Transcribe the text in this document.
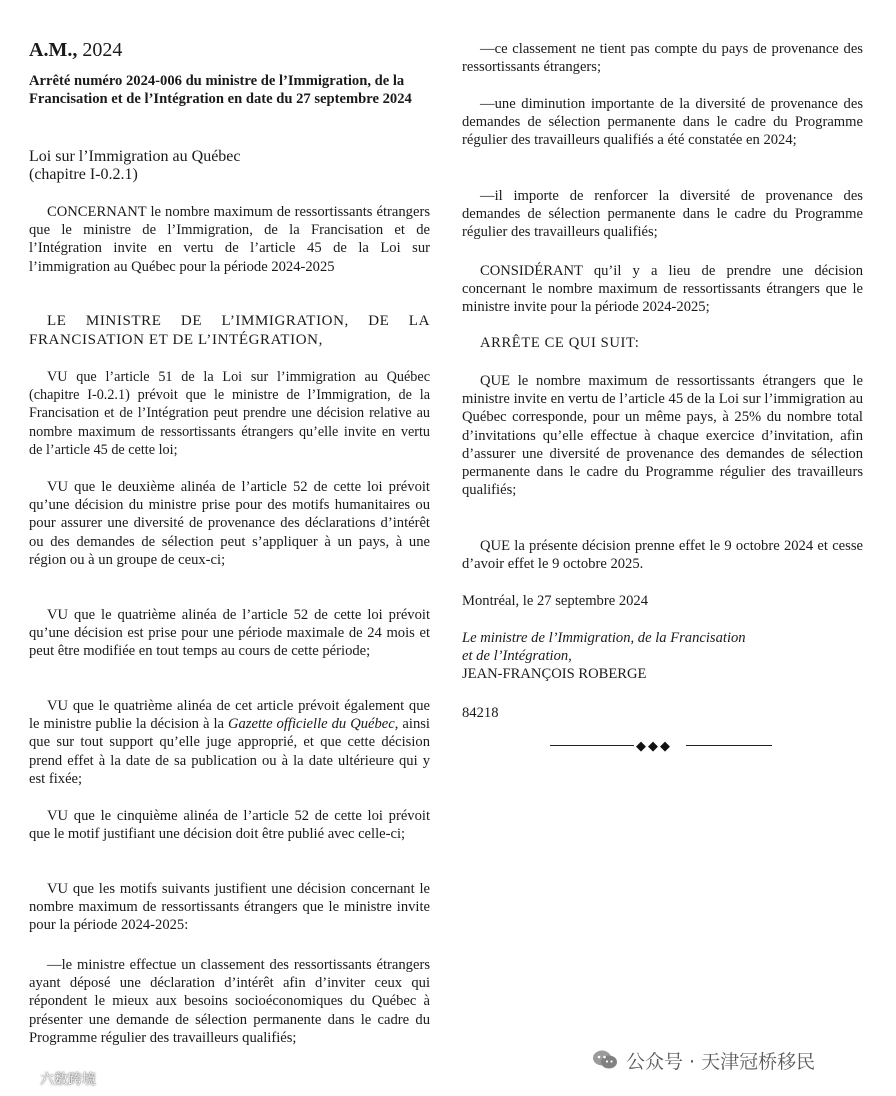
A.M., 2024
Arrêté numéro 2024-006 du ministre de l’Immigration, de la Francisation et de l’Intégration en date du 27 septembre 2024
Loi sur l’Immigration au Québec
(chapitre I-0.2.1)
CONCERNANT le nombre maximum de ressortissants étrangers que le ministre de l’Immigration, de la Francisation et de l’Intégration invite en vertu de l’article 45 de la Loi sur l’immigration au Québec pour la période 2024-2025
LE MINISTRE DE L’IMMIGRATION, DE LA FRANCISATION ET DE L’INTÉGRATION,
VU que l’article 51 de la Loi sur l’immigration au Québec (chapitre I-0.2.1) prévoit que le ministre de l’Immigration, de la Francisation et de l’Intégration peut prendre une décision relative au nombre maximum de ressortissants étrangers qu’elle invite en vertu de l’article 45 de cette loi;
VU que le deuxième alinéa de l’article 52 de cette loi prévoit qu’une décision du ministre prise pour des motifs humanitaires ou pour assurer une diversité de provenance des déclarations d’intérêt ou des demandes de sélection peut s’appliquer à un pays, à une région ou à un groupe de ceux-ci;
VU que le quatrième alinéa de l’article 52 de cette loi prévoit qu’une décision est prise pour une période maximale de 24 mois et peut être modifiée en tout temps au cours de cette période;
VU que le quatrième alinéa de cet article prévoit également que le ministre publie la décision à la Gazette officielle du Québec, ainsi que sur tout support qu’elle juge approprié, et que cette décision prend effet à la date de sa publication ou à la date ultérieure qui y est fixée;
VU que le cinquième alinéa de l’article 52 de cette loi prévoit que le motif justifiant une décision doit être publié avec celle-ci;
VU que les motifs suivants justifient une décision concernant le nombre maximum de ressortissants étrangers que le ministre invite pour la période 2024-2025:
—le ministre effectue un classement des ressortissants étrangers ayant déposé une déclaration d’intérêt afin d’inviter ceux qui répondent le mieux aux besoins socioéconomiques du Québec à présenter une demande de sélection permanente dans le cadre du Programme régulier des travailleurs qualifiés;
—ce classement ne tient pas compte du pays de provenance des ressortissants étrangers;
—une diminution importante de la diversité de provenance des demandes de sélection permanente dans le cadre du Programme régulier des travailleurs qualifiés a été constatée en 2024;
—il importe de renforcer la diversité de provenance des demandes de sélection permanente dans le cadre du Programme régulier des travailleurs qualifiés;
CONSIDÉRANT qu’il y a lieu de prendre une décision concernant le nombre maximum de ressortissants étrangers que le ministre invite pour la période 2024-2025;
ARRÊTE CE QUI SUIT:
QUE le nombre maximum de ressortissants étrangers que le ministre invite en vertu de l’article 45 de la Loi sur l’immigration au Québec corresponde, pour un même pays, à 25% du nombre total d’invitations qu’elle effectue à chaque exercice d’invitation, afin d’assurer une diversité de provenance des demandes de sélection permanente dans le cadre du Programme régulier des travailleurs qualifiés;
QUE la présente décision prenne effet le 9 octobre 2024 et cesse d’avoir effet le 9 octobre 2025.
Montréal, le 27 septembre 2024
Le ministre de l’Immigration, de la Francisation
et de l’Intégration,
JEAN-FRANÇOIS ROBERGE
84218
◆◆◆
公众号 · 天津冠桥移民
六数跨境
